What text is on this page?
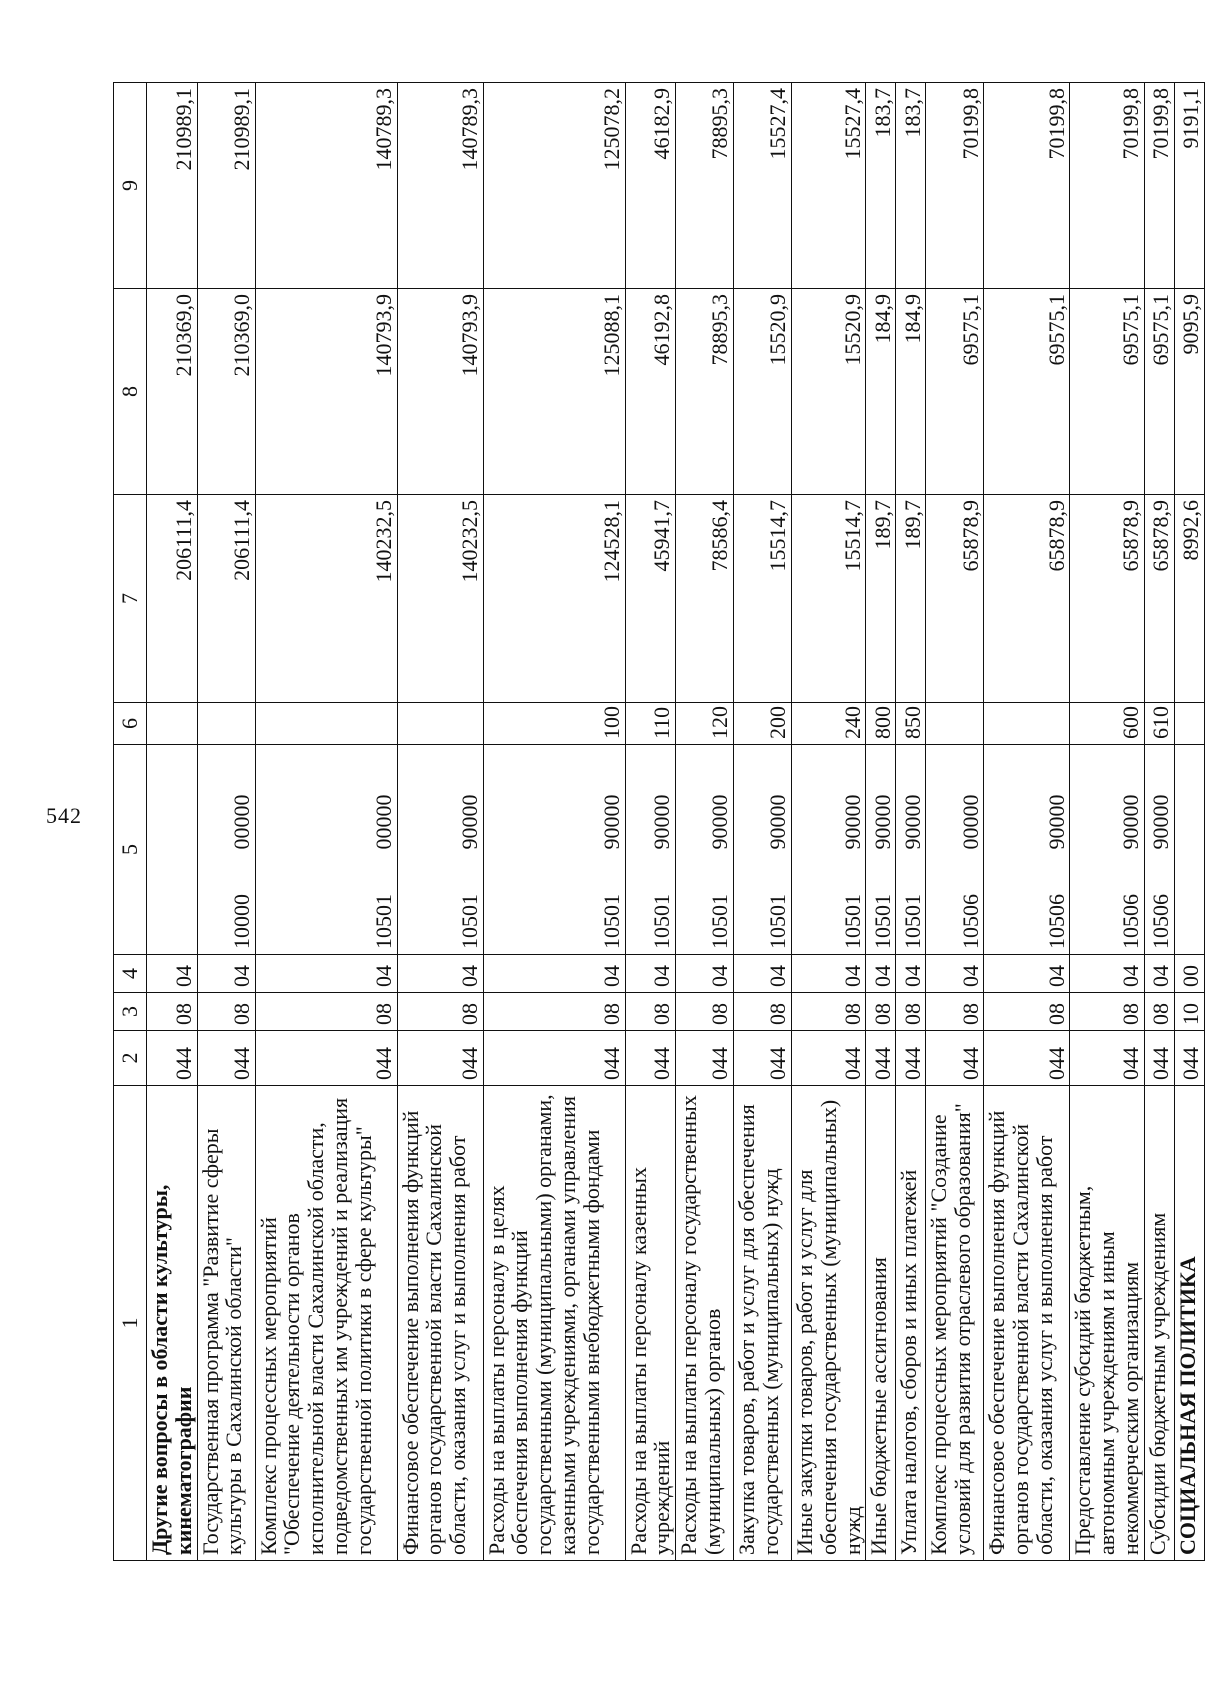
542
1	2	3	4	5	6	7	8	9
Другие вопросы в области культуры, кинематографии	044	08	04			206111,4	210369,0	210989,1
Государственная программа "Развитие сферы культуры в Сахалинской области"	044	08	04	1000000000		206111,4	210369,0	210989,1
Комплекс процессных мероприятий "Обеспечение деятельности органов исполнительной власти Сахалинской области, подведомственных им учреждений и реализация государственной политики в сфере культуры"	044	08	04	1050100000		140232,5	140793,9	140789,3
Финансовое обеспечение выполнения функций органов государственной власти Сахалинской области, оказания услуг и выполнения работ	044	08	04	1050190000		140232,5	140793,9	140789,3
Расходы на выплаты персоналу в целях обеспечения выполнения функций государственными (муниципальными) органами, казенными учреждениями, органами управления государственными внебюджетными фондами	044	08	04	1050190000	100	124528,1	125088,1	125078,2
Расходы на выплаты персоналу казенных учреждений	044	08	04	1050190000	110	45941,7	46192,8	46182,9
Расходы на выплаты персоналу государственных (муниципальных) органов	044	08	04	1050190000	120	78586,4	78895,3	78895,3
Закупка товаров, работ и услуг для обеспечения государственных (муниципальных) нужд	044	08	04	1050190000	200	15514,7	15520,9	15527,4
Иные закупки товаров, работ и услуг для обеспечения государственных (муниципальных) нужд	044	08	04	1050190000	240	15514,7	15520,9	15527,4
Иные бюджетные ассигнования	044	08	04	1050190000	800	189,7	184,9	183,7
Уплата налогов, сборов и иных платежей	044	08	04	1050190000	850	189,7	184,9	183,7
Комплекс процессных мероприятий "Создание условий для развития отраслевого образования"	044	08	04	1050600000		65878,9	69575,1	70199,8
Финансовое обеспечение выполнения функций органов государственной власти Сахалинской области, оказания услуг и выполнения работ	044	08	04	1050690000		65878,9	69575,1	70199,8
Предоставление субсидий бюджетным, автономным учреждениям и иным некоммерческим организациям	044	08	04	1050690000	600	65878,9	69575,1	70199,8
Субсидии бюджетным учреждениям	044	08	04	1050690000	610	65878,9	69575,1	70199,8
СОЦИАЛЬНАЯ ПОЛИТИКА	044	10	00			8992,6	9095,9	9191,1
